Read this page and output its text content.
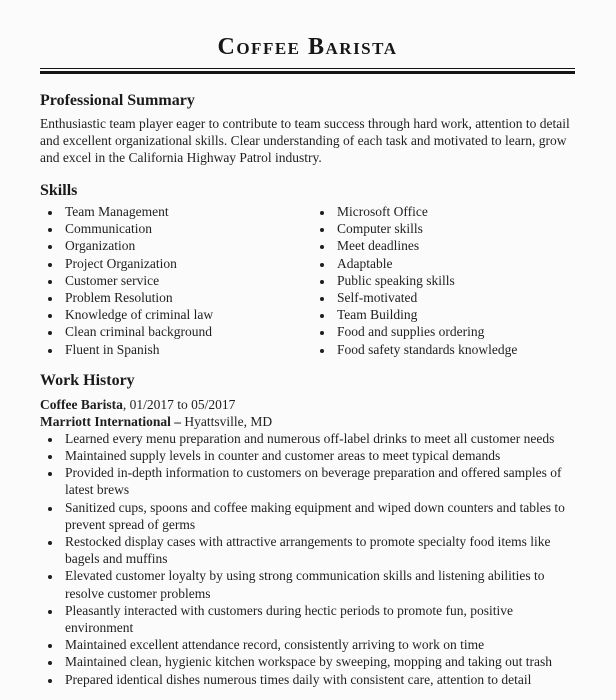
Coffee Barista
Professional Summary

Enthusiastic team player eager to contribute to team success through hard work, attention to detail and excellent organizational skills. Clear understanding of each task and motivated to learn, grow and excel in the California Highway Patrol industry.

Skills
• Team Management
• Communication
• Organization
• Project Organization
• Customer service
• Problem Resolution
• Knowledge of criminal law
• Clean criminal background
• Fluent in Spanish
• Microsoft Office
• Computer skills
• Meet deadlines
• Adaptable
• Public speaking skills
• Self-motivated
• Team Building
• Food and supplies ordering
• Food safety standards knowledge
Work History
Coffee Barista, 01/2017 to 05/2017
Marriott International – Hyattsville, MD
• Learned every menu preparation and numerous off-label drinks to meet all customer needs
• Maintained supply levels in counter and customer areas to meet typical demands
• Provided in-depth information to customers on beverage preparation and offered samples of latest brews
• Sanitized cups, spoons and coffee making equipment and wiped down counters and tables to prevent spread of germs
• Restocked display cases with attractive arrangements to promote specialty food items like bagels and muffins
• Elevated customer loyalty by using strong communication skills and listening abilities to resolve customer problems
• Pleasantly interacted with customers during hectic periods to promote fun, positive environment
• Maintained excellent attendance record, consistently arriving to work on time
• Maintained clean, hygienic kitchen workspace by sweeping, mopping and taking out trash
• Prepared identical dishes numerous times daily with consistent care, attention to detail
